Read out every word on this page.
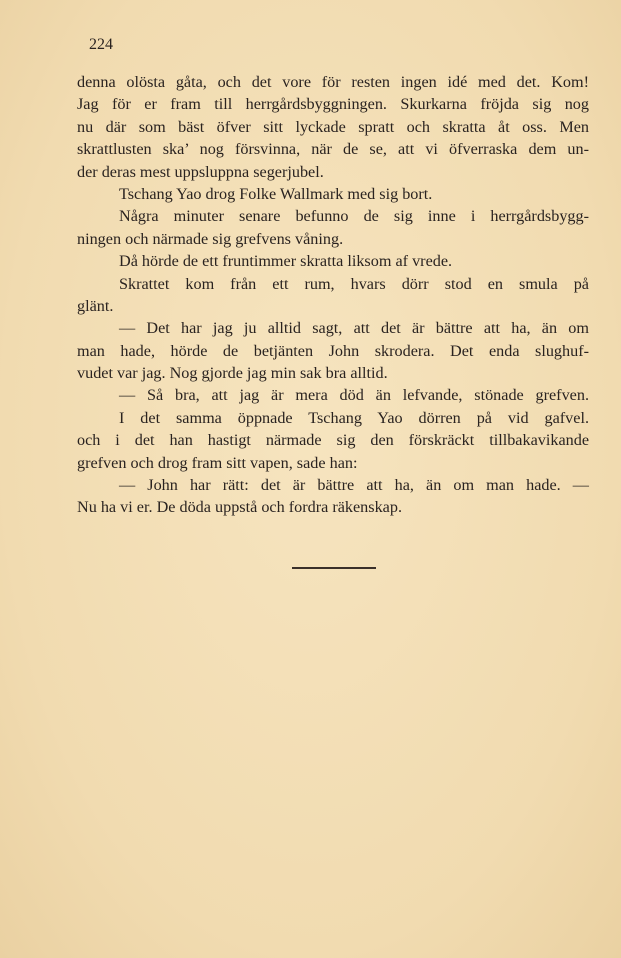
224
denna olösta gåta, och det vore för resten ingen idé med det. Kom!
Jag för er fram till herrgårdsbyggningen. Skurkarna fröjda sig nog
nu där som bäst öfver sitt lyckade spratt och skratta åt oss. Men
skrattlusten ska’ nog försvinna, när de se, att vi öfverraska dem un-
der deras mest uppsluppna segerjubel.
Tschang Yao drog Folke Wallmark med sig bort.
Några minuter senare befunno de sig inne i herrgårdsbygg-
ningen och närmade sig grefvens våning.
Då hörde de ett fruntimmer skratta liksom af vrede.
Skrattet kom från ett rum, hvars dörr stod en smula på
glänt.
— Det har jag ju alltid sagt, att det är bättre att ha, än om
man hade, hörde de betjänten John skrodera. Det enda slughuf-
vudet var jag. Nog gjorde jag min sak bra alltid.
— Så bra, att jag är mera död än lefvande, stönade grefven.
I det samma öppnade Tschang Yao dörren på vid gafvel.
och i det han hastigt närmade sig den förskräckt tillbakavikande
grefven och drog fram sitt vapen, sade han:
— John har rätt: det är bättre att ha, än om man hade. —
Nu ha vi er. De döda uppstå och fordra räkenskap.
